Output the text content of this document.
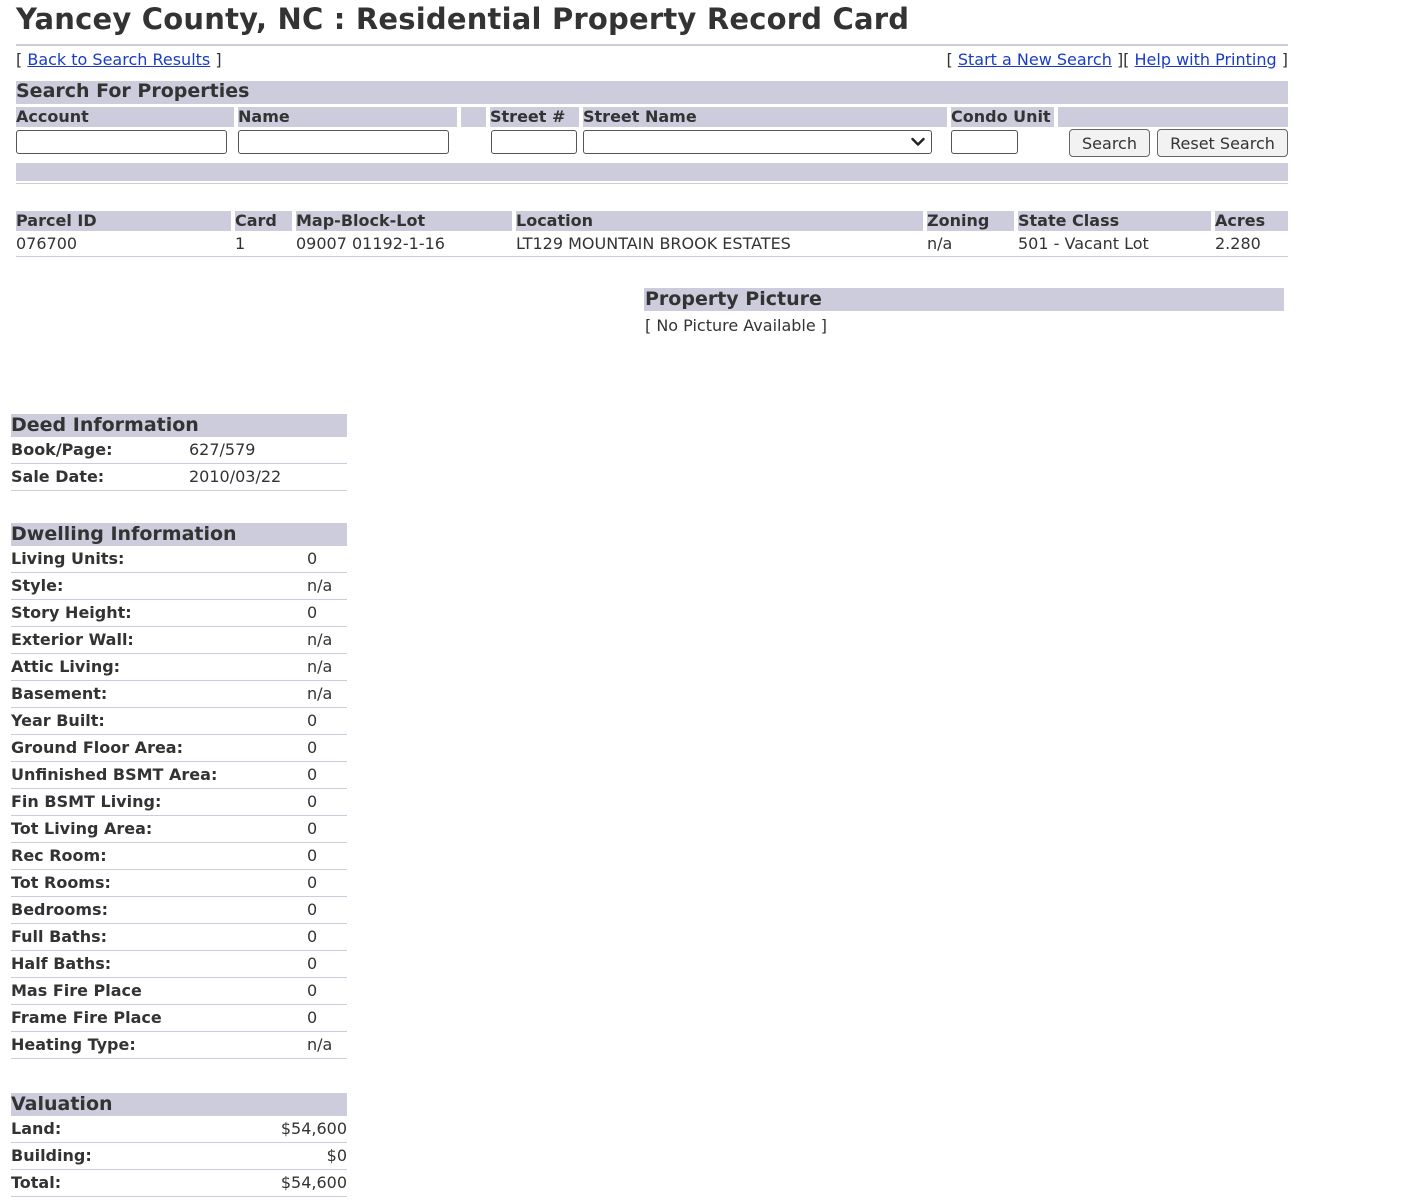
Yancey County, NC : Residential Property Record Card
[ Back to Search Results ]	[ Start a New Search ][ Help with Printing ]
Search For Properties
Account	Name	Street #	Street Name	Condo Unit
Search	Reset Search
Parcel ID	Card	Map-Block-Lot	Location	Zoning	State Class	Acres
076700	1	09007 01192-1-16	LT129 MOUNTAIN BROOK ESTATES	n/a	501 - Vacant Lot	2.280
Property Picture
[ No Picture Available ]
Deed Information
Book/Page:	627/579
Sale Date:	2010/03/22
Dwelling Information
Living Units:	0
Style:	n/a
Story Height:	0
Exterior Wall:	n/a
Attic Living:	n/a
Basement:	n/a
Year Built:	0
Ground Floor Area:	0
Unfinished BSMT Area:	0
Fin BSMT Living:	0
Tot Living Area:	0
Rec Room:	0
Tot Rooms:	0
Bedrooms:	0
Full Baths:	0
Half Baths:	0
Mas Fire Place	0
Frame Fire Place	0
Heating Type:	n/a
Valuation
Land:	$54,600
Building:	$0
Total:	$54,600
